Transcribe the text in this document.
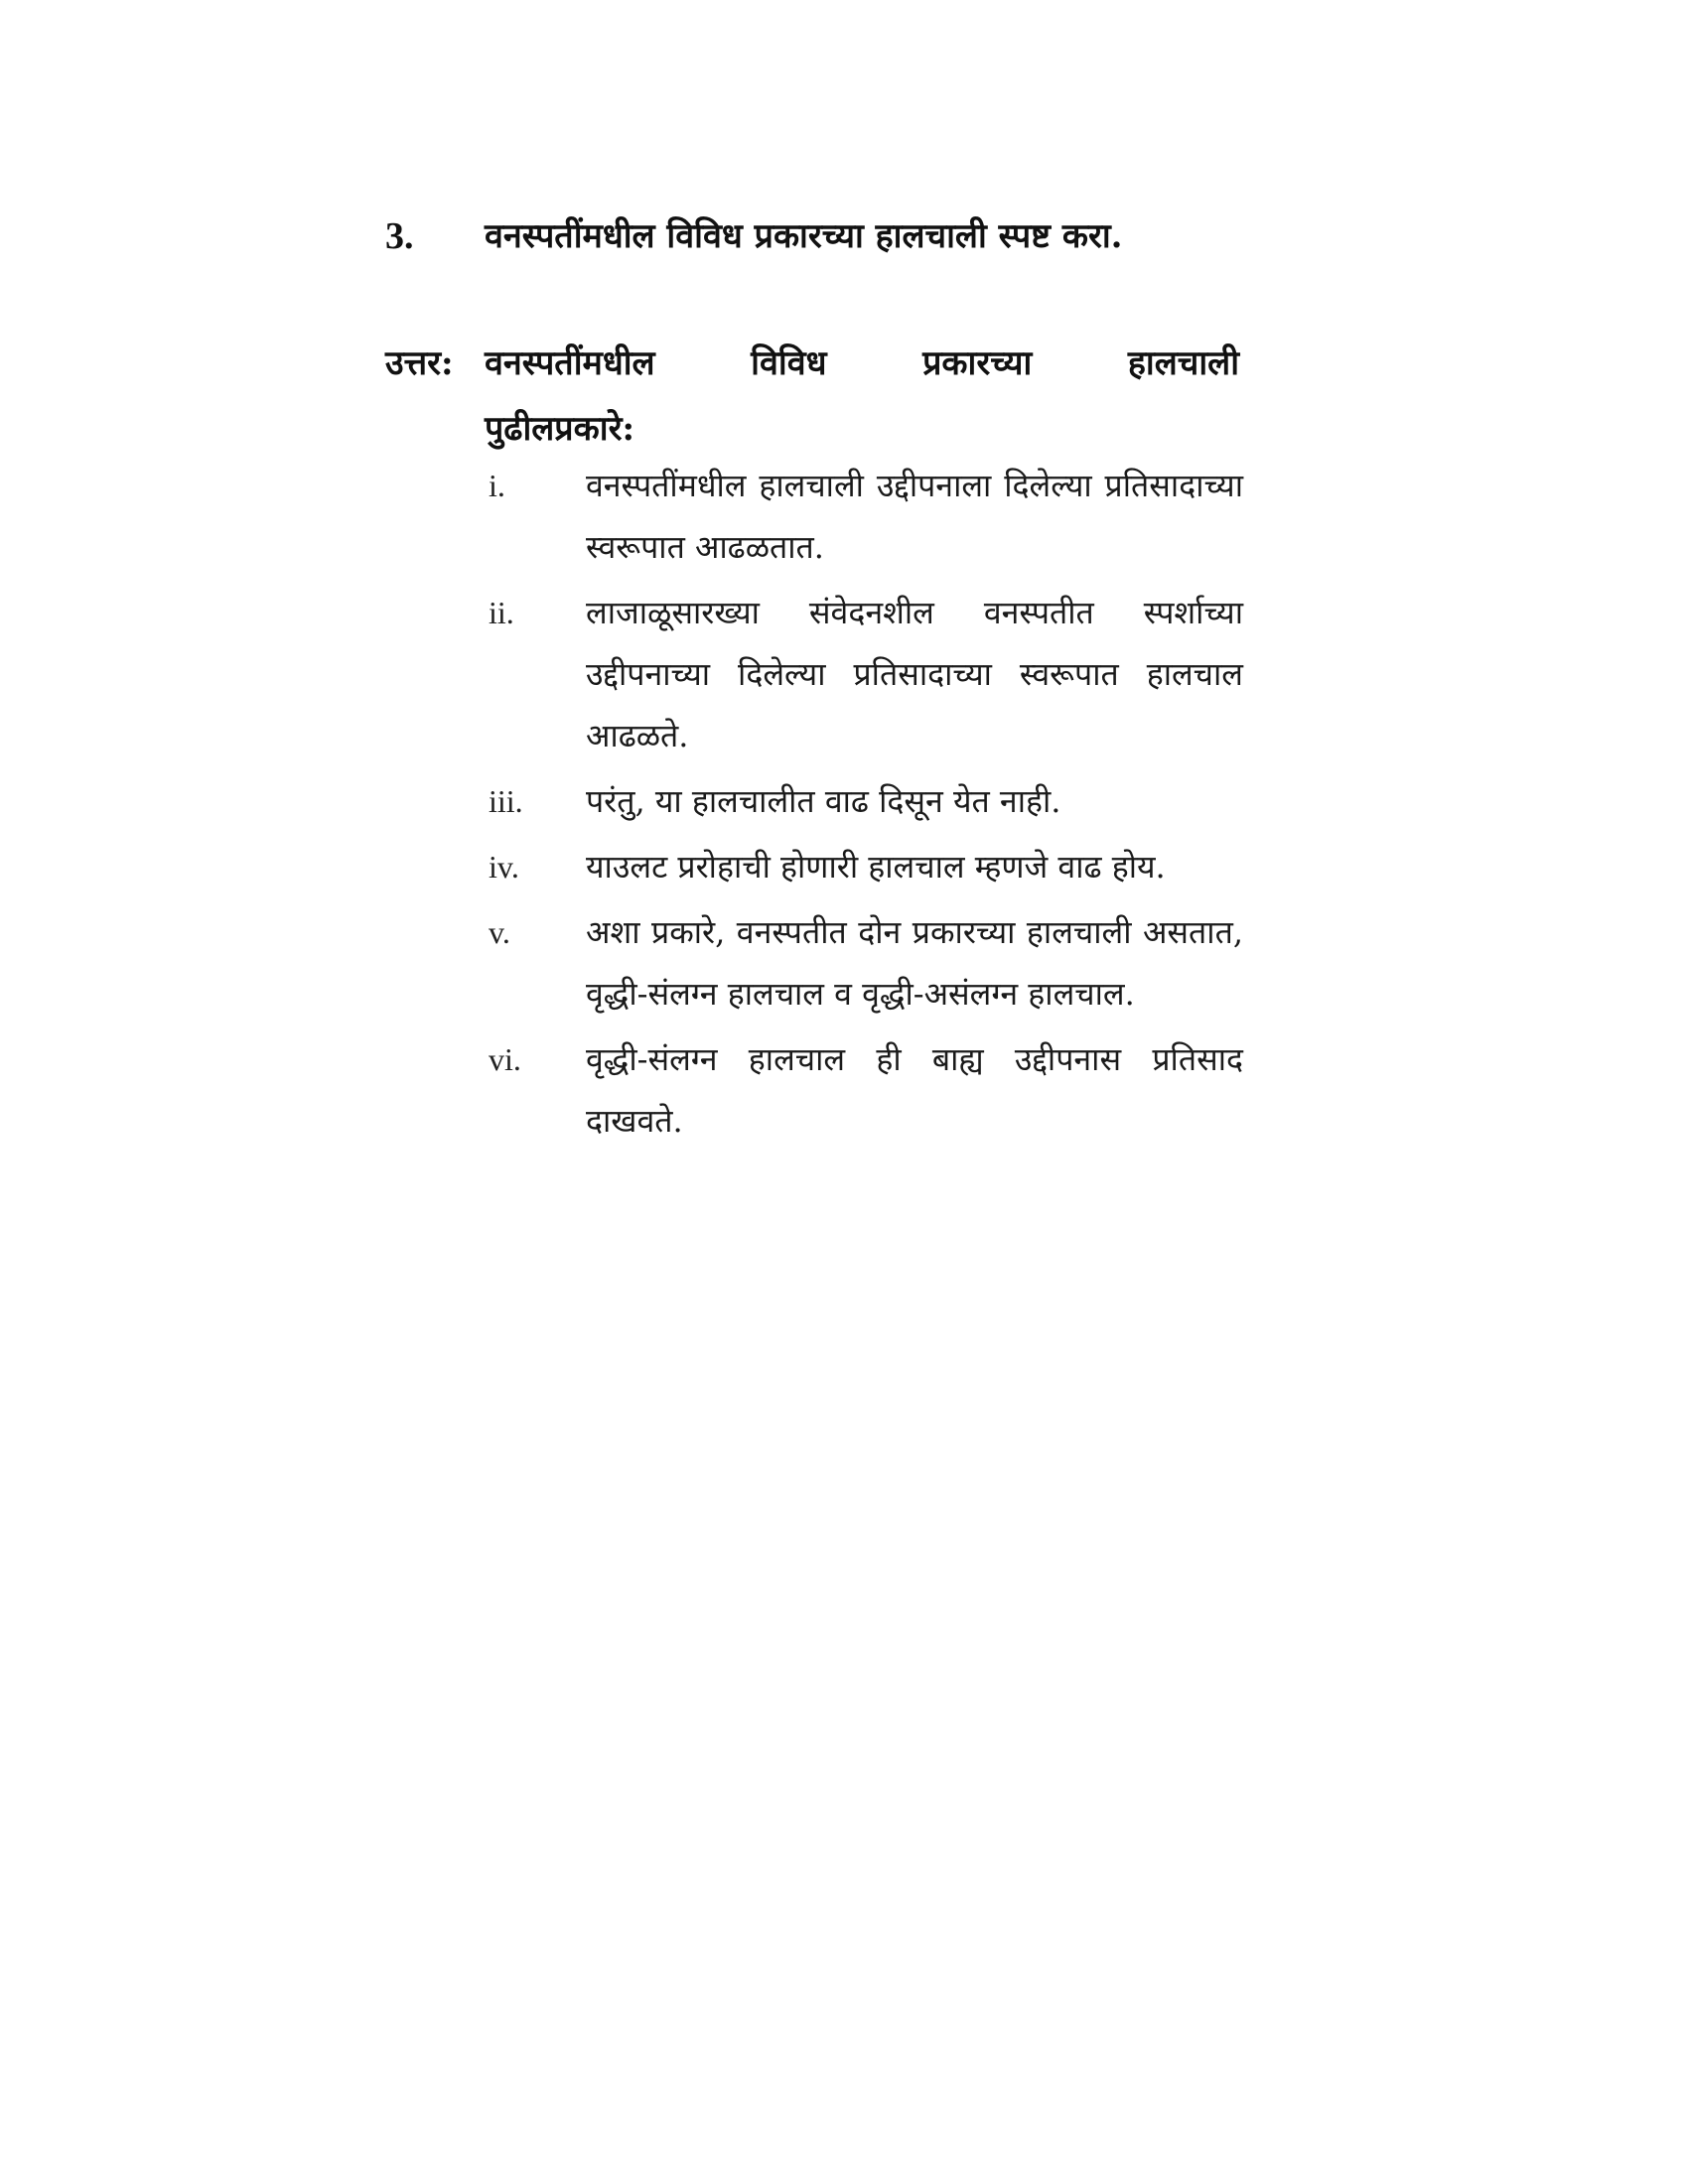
3.	वनस्पतींमधील विविध प्रकारच्या हालचाली स्पष्ट करा.
उत्तर: वनस्पतींमधील विविध प्रकारच्या हालचाली पुढीलप्रकारे:
i.	वनस्पतींमधील हालचाली उद्दीपनाला दिलेल्या प्रतिसादाच्या स्वरूपात आढळतात.
ii.	लाजाळूसारख्या संवेदनशील वनस्पतीत स्पर्शाच्या उद्दीपनाच्या दिलेल्या प्रतिसादाच्या स्वरूपात हालचाल आढळते.
iii.	परंतु, या हालचालीत वाढ दिसून येत नाही.
iv.	याउलट प्ररोहाची होणारी हालचाल म्हणजे वाढ होय.
v.	अशा प्रकारे, वनस्पतीत दोन प्रकारच्या हालचाली असतात, वृद्धी-संलग्न हालचाल व वृद्धी-असंलग्न हालचाल.
vi.	वृद्धी-संलग्न हालचाल ही बाह्य उद्दीपनास प्रतिसाद दाखवते.
